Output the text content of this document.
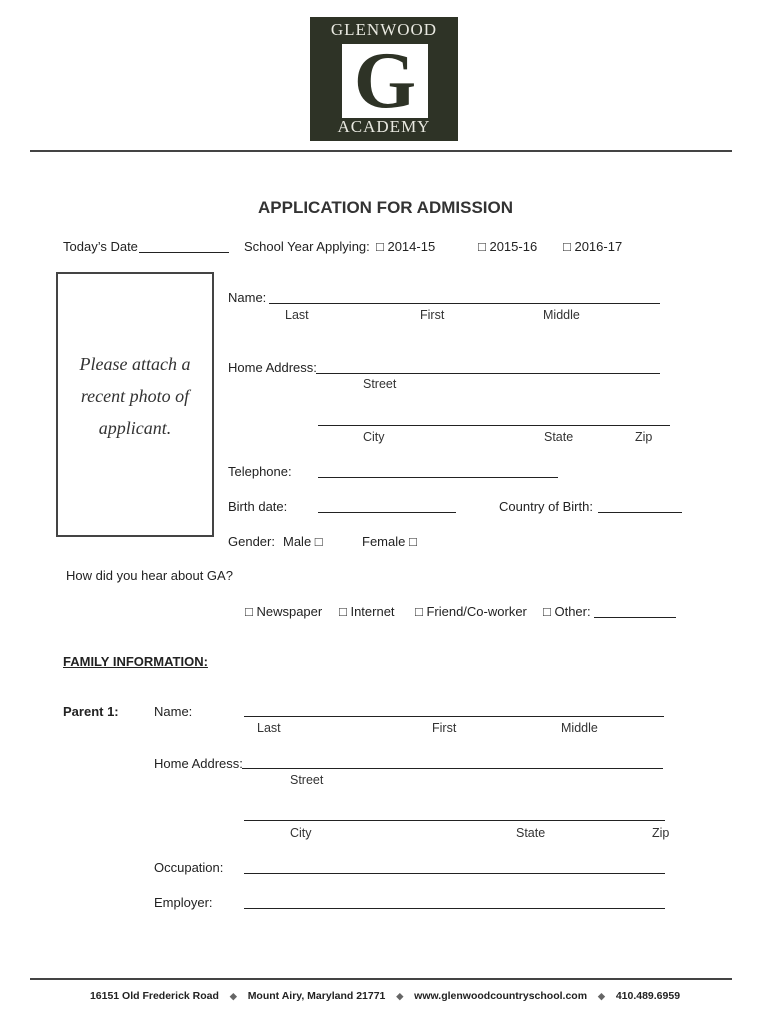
GLENWOOD
G
ACADEMY
APPLICATION FOR ADMISSION
Today’s Date	School Year Applying: □ 2014-15	□ 2015-16 □ 2016-17
Please attach a
recent photo of
applicant.
Name:
Last	First	Middle
Home Address:
Street
City	State	Zip
Telephone:
Birth date:	Country of Birth:
Gender: Male □	Female □
How did you hear about GA?
□ Newspaper □ Internet □ Friend/Co-worker □ Other:
FAMILY INFORMATION:
Parent 1:	Name:
Last	First	Middle
Home Address:
Street
City	State	Zip
Occupation:
Employer:
16151 Old Frederick Road ◆ Mount Airy, Maryland 21771 ◆ www.glenwoodcountryschool.com ◆ 410.489.6959
